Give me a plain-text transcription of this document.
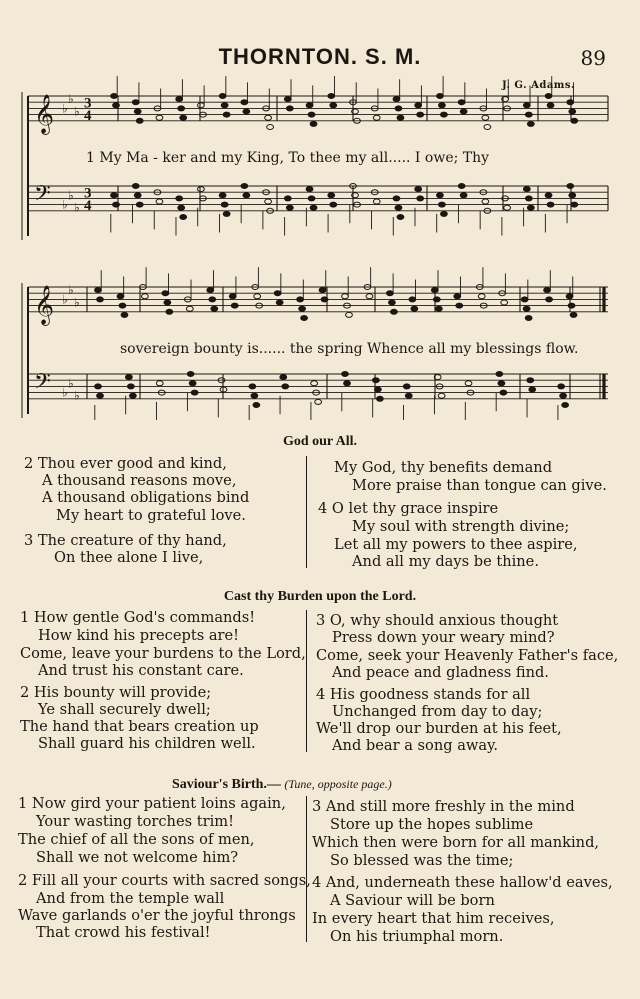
THORNTON. S. M.	89
J. G. Adams.
𝄞 ♭
♭
♭
3
4
𝄢 ♭
♭
♭
3
4
𝄞 ♭
♭
♭
𝄢 ♭
♭
♭
1 My Ma - ker and my King, To thee my all..... I owe; Thy
sovereign bounty is...... the spring Whence all my blessings flow.
God our All.
2 Thou ever good and kind,
A thousand reasons move,
A thousand obligations bind
My heart to grateful love.
3 The creature of thy hand,
On thee alone I live,
My God, thy benefits demand
More praise than tongue can give.
4 O let thy grace inspire
My soul with strength divine;
Let all my powers to thee aspire,
And all my days be thine.
Cast thy Burden upon the Lord.
1 How gentle God's commands!
How kind his precepts are!
Come, leave your burdens to the Lord,
And trust his constant care.
2 His bounty will provide;
Ye shall securely dwell;
The hand that bears creation up
Shall guard his children well.
3 O, why should anxious thought
Press down your weary mind?
Come, seek your Heavenly Father's face,
And peace and gladness find.
4 His goodness stands for all
Unchanged from day to day;
We'll drop our burden at his feet,
And bear a song away.
Saviour's Birth.— (Tune, opposite page.)
1 Now gird your patient loins again,
Your wasting torches trim!
The chief of all the sons of men,
Shall we not welcome him?
2 Fill all your courts with sacred songs,
And from the temple wall
Wave garlands o'er the joyful throngs
That crowd his festival!
3 And still more freshly in the mind
Store up the hopes sublime
Which then were born for all mankind,
So blessed was the time;
4 And, underneath these hallow'd eaves,
A Saviour will be born
In every heart that him receives,
On his triumphal morn.
